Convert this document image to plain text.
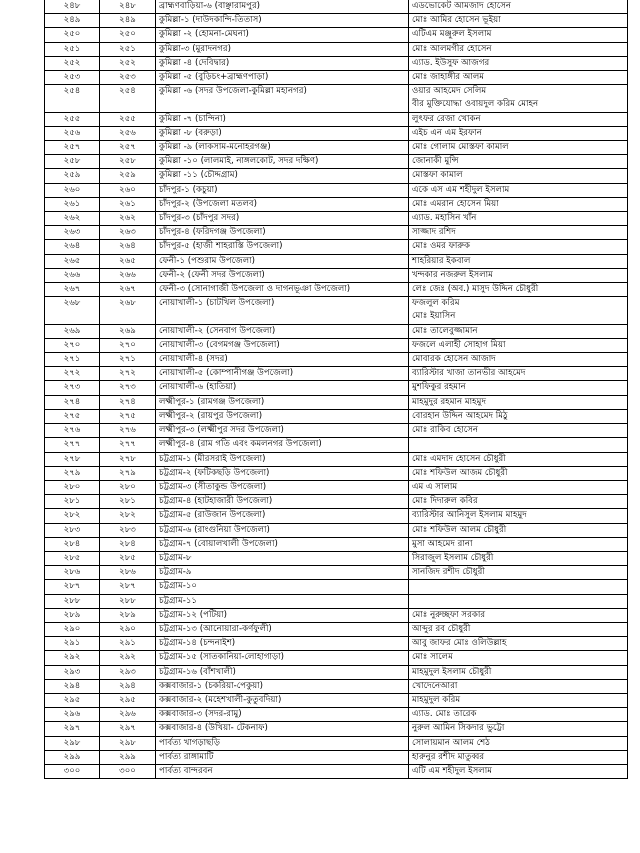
২৪৮	২৪৮	ব্রাহ্মণবাড়িয়া-৬ (বাঞ্ছারামপুর)	এডভোকেট আমজাদ হোসেন

২৪৯	২৪৯	কুমিল্লা-১ (দাউদকান্দি-তিতাস)	মোঃ আমির হোসেন ভূইয়া

২৫০	২৫০	কুমিল্লা -২ (হোমনা-মেঘনা)	এটিএম মঞ্জুরুল ইসলাম

২৫১	২৫১	কুমিল্লা-৩ (মুরাদনগর)	মোঃ আলমগীর হোসেন

২৫২	২৫২	কুমিল্লা -৪ (দেবিদ্বার)	এ্যাড. ইউসুফ আজগর

২৫৩	২৫৩	কুমিল্লা -৫ (বুড়িচং+ব্রাহ্মণপাড়া)	মোঃ জাহাঙ্গীর আলম

২৫৪	২৫৪	কুমিল্লা -৬ (সদর উপজেলা-কুমিল্লা মহানগর)	ওয়ার আহমেদ সেলিম
বীর মুক্তিযোদ্ধা ওবায়দুল করিম মোহন

২৫৫	২৫৫	কুমিল্লা -৭ (চান্দিনা)	লুৎফর রেজা খোকন

২৫৬	২৫৬	কুমিল্লা -৮ (বরুড়া)	এইচ এন এম ইরফান

২৫৭	২৫৭	কুমিল্লা -৯ (লাকসাম-মনোহরগঞ্জ)	মোঃ গোলাম মোস্তফা কামাল

২৫৮	২৫৮	কুমিল্লা -১০ (লালমাই, নাঙ্গলকোট, সদর দক্ষিণ)	জোনাকী মুন্সি

২৫৯	২৫৯	কুমিল্লা -১১ (চৌদ্দগ্রাম)	মোস্তফা কামাল

২৬০	২৬০	চাঁদপুর-১ (কচুয়া)	একে এস এম শহীদুল ইসলাম

২৬১	২৬১	চাঁদপুর-২ (উপজেলা মতলব)	মোঃ এমরান হোসেন মিয়া

২৬২	২৬২	চাঁদপুর-৩ (চাঁদপুর সদর)	এ্যাড. মহাসিন খাঁন

২৬৩	২৬৩	চাঁদপুর-৪ (ফরিদগঞ্জ উপজেলা)	সাজ্জাদ রশিদ

২৬৪	২৬৪	চাঁদপুর-৫ (হাজী শাহরাস্তি উপজেলা)	মোঃ ওমর ফারুক

২৬৫	২৬৫	ফেনী-১ (পশুরাম উপজেলা)	শাহরিয়ার ইকবাল

২৬৬	২৬৬	ফেনী-২ (ফেনী সদর উপজেলা)	খন্দকার নজরুল ইসলাম

২৬৭	২৬৭	ফেনী-৩ (সোনাগাজী উপজেলা ও দাগনভূঞা উপজেলা)	লেঃ জেঃ (অব.) মাসুদ উদ্দিন চৌধুরী

২৬৮	২৬৮	নোয়াখালী-১ (চাটখিল উপজেলা)	ফজলুল করিম
মোঃ ইয়াসিন

২৬৯	২৬৯	নোয়াখালী-২ (সেনবাগ উপজেলা)	মোঃ তালেবুজ্জামান

২৭০	২৭০	নোয়াখালী-৩ (বেগমগঞ্জ উপজেলা)	ফজলে এলাহী সোহাগ মিয়া

২৭১	২৭১	নোয়াখালী-৪ (সদর)	মোবারক হোসেন আজাদ

২৭২	২৭২	নোয়াখালী-৫ (কোম্পানীগঞ্জ উপজেলা)	ব্যারিস্টার খাজা তানভীর আহমেদ

২৭৩	২৭৩	নোয়াখালী-৬ (হাতিয়া)	মুশফিকুর রহমান

২৭৪	২৭৪	লক্ষ্মীপুর-১ (রামগঞ্জ উপজেলা)	মাহমুদুর রহমান মাহমুদ

২৭৫	২৭৫	লক্ষ্মীপুর-২ (রায়পুর উপজেলা)	বোরহান উদ্দিন আহমেদ মিঠু

২৭৬	২৭৬	লক্ষ্মীপুর-৩ (লক্ষ্মীপুর সদর উপজেলা)	মোঃ রাকিব হোসেন

২৭৭	২৭৭	লক্ষ্মীপুর-৪ (রাম গতি এবং কমলনগর উপজেলা)	
২৭৮	২৭৮	চট্টগ্রাম-১ (মীরসরাই উপজেলা)	মোঃ এমদাদ হোসেন চৌধুরী

২৭৯	২৭৯	চট্টগ্রাম-২ (ফটিকছড়ি উপজেলা)	মোঃ শফিউল আজম চৌধুরী

২৮০	২৮০	চট্টগ্রাম-৩ (সীতাকুন্ড উপজেলা)	এম এ সালাম

২৮১	২৮১	চট্টগ্রাম-৪ (হাটহাজারী উপজেলা)	মোঃ দিদারুল কবির

২৮২	২৮২	চট্টগ্রাম-৫ (রাউজান উপজেলা)	ব্যারিস্টার আনিসুল ইসলাম মাহমুদ

২৮৩	২৮৩	চট্টগ্রাম-৬ (রাংগুনিয়া উপজেলা)	মোঃ শফিউল আলম চৌধুরী

২৮৪	২৮৪	চট্টগ্রাম-৭ (বোয়ালখালী উপজেলা)	মুসা আহমেদ রানা

২৮৫	২৮৫	চট্টগ্রাম-৮	সিরাজুল ইসলাম চৌধুরী

২৮৬	২৮৬	চট্টগ্রাম-৯	সানজিদ রশীদ চৌধুরী

২৮৭	২৮৭	চট্টগ্রাম-১০	
২৮৮	২৮৮	চট্টগ্রাম-১১	
২৮৯	২৮৯	চট্টগ্রাম-১২ (পটিয়া)	মোঃ নুরুচ্ছফা সরকার

২৯০	২৯০	চট্টগ্রাম-১৩ (আনোয়ারা-কর্ণফুলী)	আব্দুর রব চৌধুরী

২৯১	২৯১	চট্টগ্রাম-১৪ (চন্দনাইশ)	আবু জাফর মোঃ ওলিউল্লাহ

২৯২	২৯২	চট্টগ্রাম-১৫ (সাতকানিয়া-লোহাগাড়া)	মোঃ সালেম

২৯৩	২৯৩	চট্টগ্রাম-১৬ (বাঁশখালী)	মাহমুদুল ইসলাম চৌধুরী

২৯৪	২৯৪	কক্সবাজার-১ (চকরিয়া-পেকুয়া)	খোদেনেআরা

২৯৫	২৯৫	কক্সবাজার-২ (মহেশখালী-কুতুবদিয়া)	মাহমুদুল করিম

২৯৬	২৯৬	কক্সবাজার-৩ (সদর-রামু)	এ্যাড. মোঃ তারেক

২৯৭	২৯৭	কক্সবাজার-৪ (উখিয়া- টেকনাফ)	নুরুল আমিন সিকদার ভুট্টো

২৯৮	২৯৮	পার্বত্য খাগড়াছড়ি	সোলায়মান আলম শেঠ

২৯৯	২৯৯	পার্বত্য রাঙ্গামাটি	হারুনুর রশীদ মাতুব্বর

৩০০	৩০০	পার্বত্য বান্দরবন	এটি এম শহীদুল ইসলাম
